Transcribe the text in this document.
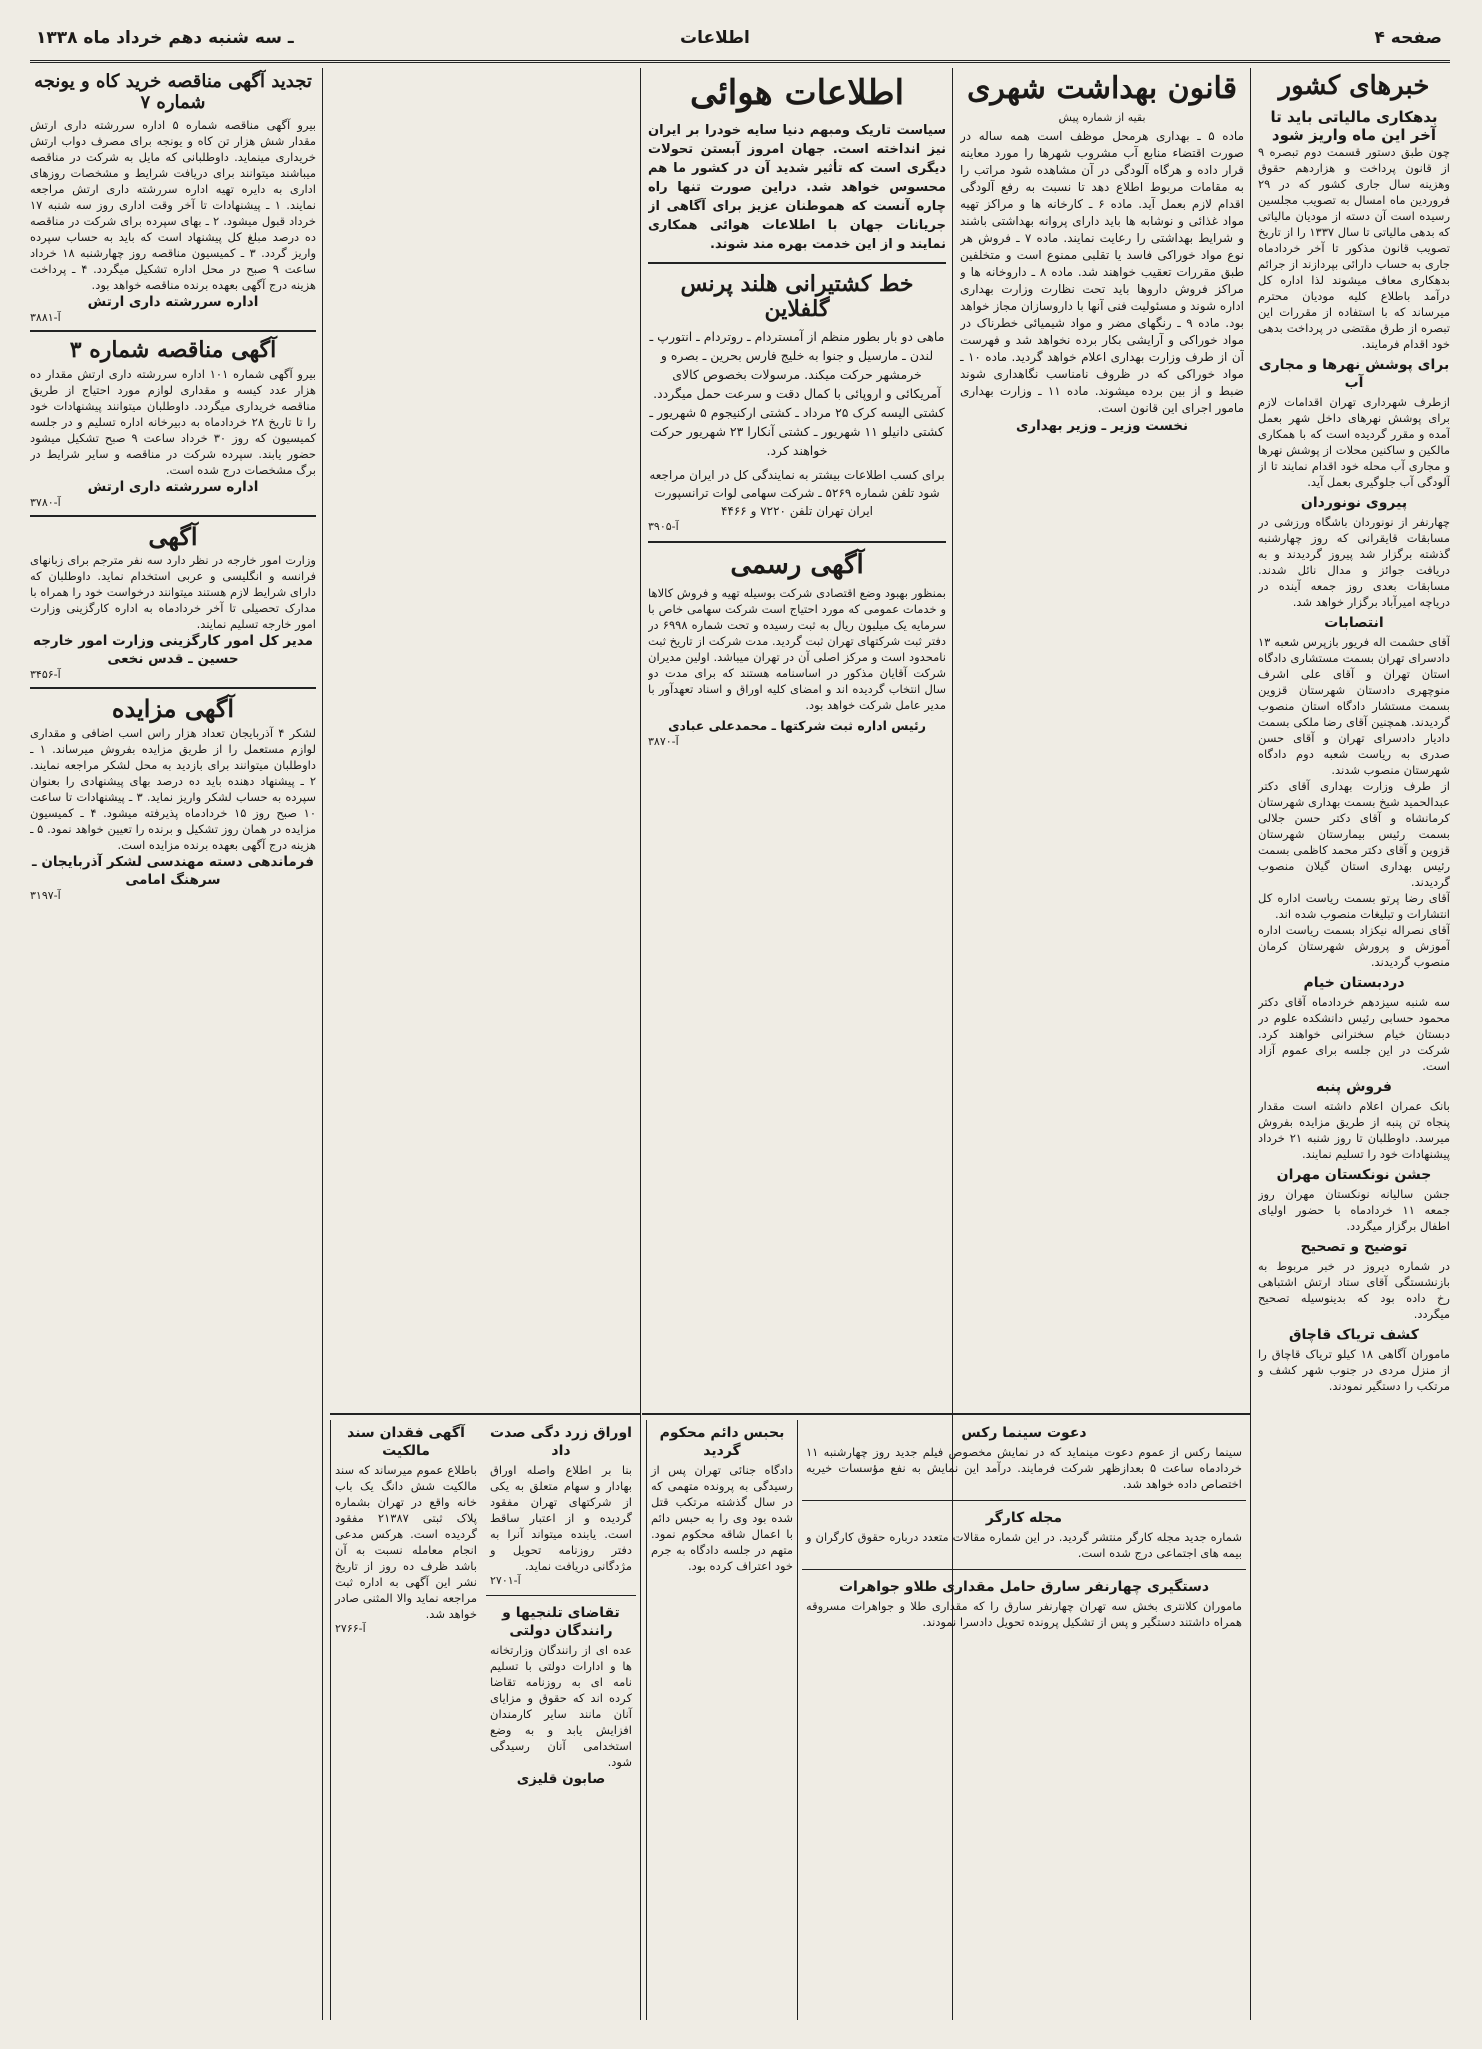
صفحه ۴
اطلاعات
ـ سه شنبه دهم خرداد ماه ۱۳۳۸
خبرهای کشور
بدهکاری مالیاتی باید تا آخر این ماه واریز شود

چون طبق دستور قسمت دوم تبصره ۹ از قانون پرداخت و هزاردهم حقوق وهزینه سال جاری کشور که در ۲۹ فروردین ماه امسال به تصویب مجلسین رسیده است آن دسته از مودیان مالیاتی که بدهی مالیاتی تا سال ۱۳۳۷ را از تاریخ تصویب قانون مذکور تا آخر خردادماه جاری به حساب دارائی بپردازند از جرائم بدهکاری معاف میشوند لذا اداره کل درآمد باطلاع کلیه مودیان محترم میرساند که با استفاده از مقررات این تبصره از طرق مقتضی در پرداخت بدهی خود اقدام فرمایند.

برای پوشش نهرها و مجاری آب

ازطرف شهرداری تهران اقدامات لازم برای پوشش نهرهای داخل شهر بعمل آمده و مقرر گردیده است که با همکاری مالکین و ساکنین محلات از پوشش نهرها و مجاری آب محله خود اقدام نمایند تا از آلودگی آب جلوگیری بعمل آید.

پیروی نونوردان

چهارنفر از نونوردان باشگاه ورزشی در مسابقات قایقرانی که روز چهارشنبه گذشته برگزار شد پیروز گردیدند و به دریافت جوائز و مدال نائل شدند. مسابقات بعدی روز جمعه آینده در دریاچه امیرآباد برگزار خواهد شد.

انتصابات

آقای حشمت اله فریور بازپرس شعبه ۱۳ دادسرای تهران بسمت مستشاری دادگاه استان تهران و آقای علی اشرف منوچهری دادستان شهرستان قزوین بسمت مستشار دادگاه استان منصوب گردیدند. همچنین آقای رضا ملکی بسمت دادیار دادسرای تهران و آقای حسن صدری به ریاست شعبه دوم دادگاه شهرستان منصوب شدند.

از طرف وزارت بهداری آقای دکتر عبدالحمید شیخ بسمت بهداری شهرستان کرمانشاه و آقای دکتر حسن جلالی بسمت رئیس بیمارستان شهرستان قزوین و آقای دکتر محمد کاظمی بسمت رئیس بهداری استان گیلان منصوب گردیدند.

آقای رضا پرتو بسمت ریاست اداره کل انتشارات و تبلیغات منصوب شده اند.

آقای نصراله نیکزاد بسمت ریاست اداره آموزش و پرورش شهرستان کرمان منصوب گردیدند.

دردبستان خیام

سه شنبه سیزدهم خردادماه آقای دکتر محمود حسابی رئیس دانشکده علوم در دبستان خیام سخنرانی خواهند کرد. شرکت در این جلسه برای عموم آزاد است.

فروش پنبه

بانک عمران اعلام داشته است مقدار پنجاه تن پنبه از طریق مزایده بفروش میرسد. داوطلبان تا روز شنبه ۲۱ خرداد پیشنهادات خود را تسلیم نمایند.

جشن نونکستان مهران

جشن سالیانه نونکستان مهران روز جمعه ۱۱ خردادماه با حضور اولیای اطفال برگزار میگردد.

توضیح و تصحیح

در شماره دیروز در خبر مربوط به بازنشستگی آقای ستاد ارتش اشتباهی رخ داده بود که بدینوسیله تصحیح میگردد.

کشف تریاک قاچاق

ماموران آگاهی ۱۸ کیلو تریاک قاچاق را از منزل مردی در جنوب شهر کشف و مرتکب را دستگیر نمودند.

قانون بهداشت شهری
بقیه از شماره پیش

ماده ۵ ـ بهداری هرمحل موظف است همه ساله در صورت اقتضاء منابع آب مشروب شهرها را مورد معاینه قرار داده و هرگاه آلودگی در آن مشاهده شود مراتب را به مقامات مربوط اطلاع دهد تا نسبت به رفع آلودگی اقدام لازم بعمل آید. ماده ۶ ـ کارخانه ها و مراکز تهیه مواد غذائی و نوشابه ها باید دارای پروانه بهداشتی باشند و شرایط بهداشتی را رعایت نمایند. ماده ۷ ـ فروش هر نوع مواد خوراکی فاسد یا تقلبی ممنوع است و متخلفین طبق مقررات تعقیب خواهند شد. ماده ۸ ـ داروخانه ها و مراکز فروش داروها باید تحت نظارت وزارت بهداری اداره شوند و مسئولیت فنی آنها با داروسازان مجاز خواهد بود. ماده ۹ ـ رنگهای مضر و مواد شیمیائی خطرناک در مواد خوراکی و آرایشی بکار برده نخواهد شد و فهرست آن از طرف وزارت بهداری اعلام خواهد گردید. ماده ۱۰ ـ مواد خوراکی که در ظروف نامناسب نگاهداری شوند ضبط و از بین برده میشوند. ماده ۱۱ ـ وزارت بهداری مامور اجرای این قانون است.

نخست وزیر ـ وزیر بهداری
اطلاعات هوائی

سیاست تاریک ومبهم دنیا سایه خودرا بر ایران نیز انداخته است. جهان امروز آبستن تحولات دیگری است که تأثیر شدید آن در کشور ما هم محسوس خواهد شد. دراین صورت تنها راه چاره آنست که هموطنان عزیز برای آگاهی از جریانات جهان با اطلاعات هوائی همکاری نمایند و از این خدمت بهره مند شوند.

خط کشتیرانی هلند پرنس گلفلاین

ماهی دو بار بطور منظم از آمستردام ـ روتردام ـ انتورپ ـ لندن ـ مارسیل و جنوا به خلیج فارس بحرین ـ بصره و خرمشهر حرکت میکند. مرسولات بخصوص کالای آمریکائی و اروپائی با کمال دقت و سرعت حمل میگردد. کشتی الیسه کرک ۲۵ مرداد ـ کشتی ارکنیجوم ۵ شهریور ـ کشتی دانیلو ۱۱ شهریور ـ کشتی آنکارا ۲۳ شهریور حرکت خواهند کرد.

برای کسب اطلاعات بیشتر به نمایندگی کل در ایران مراجعه شود تلفن شماره ۵۲۶۹ ـ شرکت سهامی لوات ترانسپورت ایران تهران تلفن ۷۲۲۰ و ۴۴۶۶

آ-۳۹۰۵
آگهی رسمی

بمنظور بهبود وضع اقتصادی شرکت بوسیله تهیه و فروش کالاها و خدمات عمومی که مورد احتیاج است شرکت سهامی خاص با سرمایه یک میلیون ریال به ثبت رسیده و تحت شماره ۶۹۹۸ در دفتر ثبت شرکتهای تهران ثبت گردید. مدت شرکت از تاریخ ثبت نامحدود است و مرکز اصلی آن در تهران میباشد. اولین مدیران شرکت آقایان مذکور در اساسنامه هستند که برای مدت دو سال انتخاب گردیده اند و امضای کلیه اوراق و اسناد تعهدآور با مدیر عامل شرکت خواهد بود.

رئیس اداره ثبت شرکتها ـ محمدعلی عبادی
آ-۳۸۷۰
آگهی فقدان سند مالکیت

باطلاع عموم میرساند که سند مالکیت شش دانگ یک باب خانه واقع در تهران بشماره پلاک ثبتی ۲۱۳۸۷ مفقود گردیده است. هرکس مدعی انجام معامله نسبت به آن باشد ظرف ده روز از تاریخ نشر این آگهی به اداره ثبت مراجعه نماید والا المثنی صادر خواهد شد.

آ-۲۷۶۶
اوراق زرد دگی صدت داد

بنا بر اطلاع واصله اوراق بهادار و سهام متعلق به یکی از شرکتهای تهران مفقود گردیده و از اعتبار ساقط است. یابنده میتواند آنرا به دفتر روزنامه تحویل و مژدگانی دریافت نماید.

آ-۲۷۰۱
تقاضای تلنجیها و رانندگان دولتی

عده ای از رانندگان وزارتخانه ها و ادارات دولتی با تسلیم نامه ای به روزنامه تقاضا کرده اند که حقوق و مزایای آنان مانند سایر کارمندان افزایش یابد و به وضع استخدامی آنان رسیدگی شود.

صابون قلیزی
بحبس دائم محکوم گردید

دادگاه جنائی تهران پس از رسیدگی به پرونده متهمی که در سال گذشته مرتکب قتل شده بود وی را به حبس دائم با اعمال شاقه محکوم نمود. متهم در جلسه دادگاه به جرم خود اعتراف کرده بود.

دعوت سینما رکس

سینما رکس از عموم دعوت مینماید که در نمایش مخصوص فیلم جدید روز چهارشنبه ۱۱ خردادماه ساعت ۵ بعدازظهر شرکت فرمایند. درآمد این نمایش به نفع مؤسسات خیریه اختصاص داده خواهد شد.

مجله کارگر

شماره جدید مجله کارگر منتشر گردید. در این شماره مقالات متعدد درباره حقوق کارگران و بیمه های اجتماعی درج شده است.

دستگیری چهارنفر سارق حامل مقداری طلاو جواهرات

ماموران کلانتری بخش سه تهران چهارنفر سارق را که مقداری طلا و جواهرات مسروقه همراه داشتند دستگیر و پس از تشکیل پرونده تحویل دادسرا نمودند.

تجدید آگهی مناقصه خرید کاه و یونجه شماره ۷

بیرو آگهی مناقصه شماره ۵ اداره سررشته داری ارتش مقدار شش هزار تن کاه و یونجه برای مصرف دواب ارتش خریداری مینماید. داوطلبانی که مایل به شرکت در مناقصه میباشند میتوانند برای دریافت شرایط و مشخصات روزهای اداری به دایره تهیه اداره سررشته داری ارتش مراجعه نمایند. ۱ ـ پیشنهادات تا آخر وقت اداری روز سه شنبه ۱۷ خرداد قبول میشود. ۲ ـ بهای سپرده برای شرکت در مناقصه ده درصد مبلغ کل پیشنهاد است که باید به حساب سپرده واریز گردد. ۳ ـ کمیسیون مناقصه روز چهارشنبه ۱۸ خرداد ساعت ۹ صبح در محل اداره تشکیل میگردد. ۴ ـ پرداخت هزینه درج آگهی بعهده برنده مناقصه خواهد بود.

اداره سررشته داری ارتش
آ-۳۸۸۱
آگهی مناقصه شماره ۳

بیرو آگهی شماره ۱۰۱ اداره سررشته داری ارتش مقدار ده هزار عدد کیسه و مقداری لوازم مورد احتیاج از طریق مناقصه خریداری میگردد. داوطلبان میتوانند پیشنهادات خود را تا تاریخ ۲۸ خردادماه به دبیرخانه اداره تسلیم و در جلسه کمیسیون که روز ۳۰ خرداد ساعت ۹ صبح تشکیل میشود حضور یابند. سپرده شرکت در مناقصه و سایر شرایط در برگ مشخصات درج شده است.

اداره سررشته داری ارتش
آ-۳۷۸۰
آگهی

وزارت امور خارجه در نظر دارد سه نفر مترجم برای زبانهای فرانسه و انگلیسی و عربی استخدام نماید. داوطلبان که دارای شرایط لازم هستند میتوانند درخواست خود را همراه با مدارک تحصیلی تا آخر خردادماه به اداره کارگزینی وزارت امور خارجه تسلیم نمایند.

مدیر کل امور کارگزینی وزارت امور خارجه
حسین ـ قدس نخعی
آ-۳۴۵۶
آگهی مزایده

لشکر ۴ آذربایجان تعداد هزار راس اسب اضافی و مقداری لوازم مستعمل را از طریق مزایده بفروش میرساند. ۱ ـ داوطلبان میتوانند برای بازدید به محل لشکر مراجعه نمایند. ۲ ـ پیشنهاد دهنده باید ده درصد بهای پیشنهادی را بعنوان سپرده به حساب لشکر واریز نماید. ۳ ـ پیشنهادات تا ساعت ۱۰ صبح روز ۱۵ خردادماه پذیرفته میشود. ۴ ـ کمیسیون مزایده در همان روز تشکیل و برنده را تعیین خواهد نمود. ۵ ـ هزینه درج آگهی بعهده برنده مزایده است.

فرماندهی دسته مهندسی لشکر آذربایجان ـ سرهنگ امامی
آ-۳۱۹۷
